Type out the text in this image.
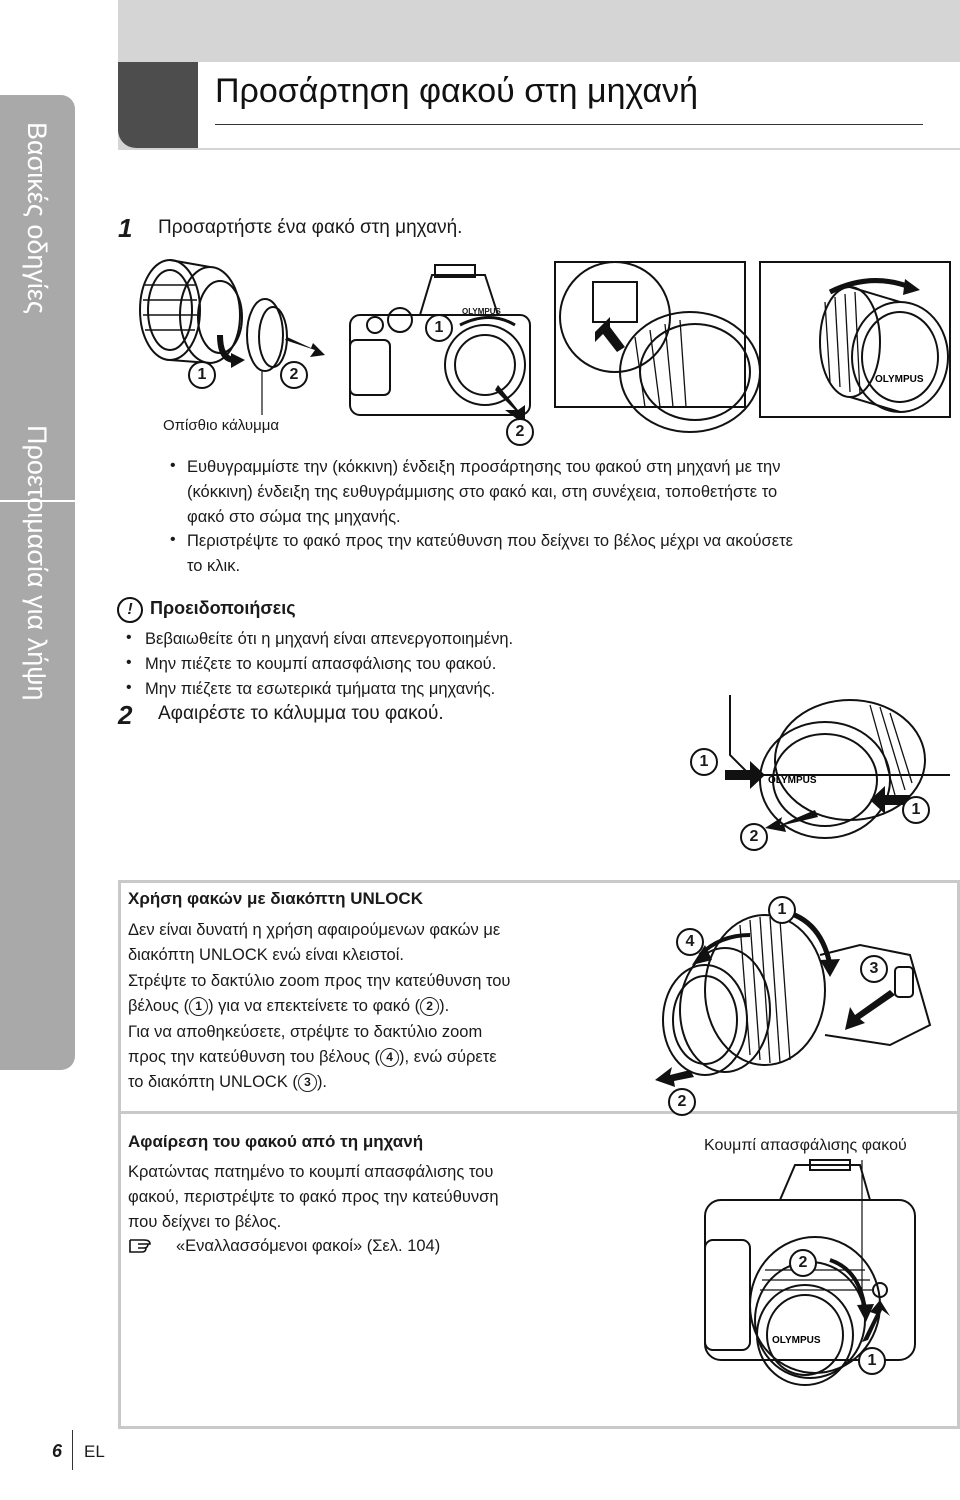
Βασικές οδηγίες
Προετοιμασία για λήψη
Προσάρτηση φακού στη μηχανή
1 Προσαρτήστε ένα φακό στη μηχανή.
1	2
Οπίσθιο κάλυμμα
1
2
OLYMPUS
OLYMPUS
• Ευθυγραμμίστε την (κόκκινη) ένδειξη προσάρτησης του φακού στη μηχανή με την
(κόκκινη) ένδειξη της ευθυγράμμισης στο φακό και, στη συνέχεια, τοποθετήστε το
φακό στο σώμα της μηχανής.
• Περιστρέψτε το φακό προς την κατεύθυνση που δείχνει το βέλος μέχρι να ακούσετε
το κλικ.
! Προειδοποιήσεις
• Βεβαιωθείτε ότι η μηχανή είναι απενεργοποιημένη.
• Μην πιέζετε το κουμπί απασφάλισης του φακού.
• Μην πιέζετε τα εσωτερικά τμήματα της μηχανής.
2 Αφαιρέστε το κάλυμμα του φακού.
OLYMPUS
1
1
2
Χρήση φακών με διακόπτη UNLOCK
Δεν είναι δυνατή η χρήση αφαιρούμενων φακών με
διακόπτη UNLOCK ενώ είναι κλειστοί.
Στρέψτε το δακτύλιο zoom προς την κατεύθυνση του
βέλους ( 1 ) για να επεκτείνετε το φακό ( 2 ).
Για να αποθηκεύσετε, στρέψτε το δακτύλιο zoom
προς την κατεύθυνση του βέλους ( 4 ), ενώ σύρετε
το διακόπτη UNLOCK ( 3 ).
1
4
3
2
Αφαίρεση του φακού από τη μηχανή
Κρατώντας πατημένο το κουμπί απασφάλισης του
φακού, περιστρέψτε το φακό προς την κατεύθυνση
που δείχνει το βέλος.
«Εναλλασσόμενοι φακοί» (Σελ. 104)
Κουμπί απασφάλισης φακού
OLYMPUS
2
1
6 EL
